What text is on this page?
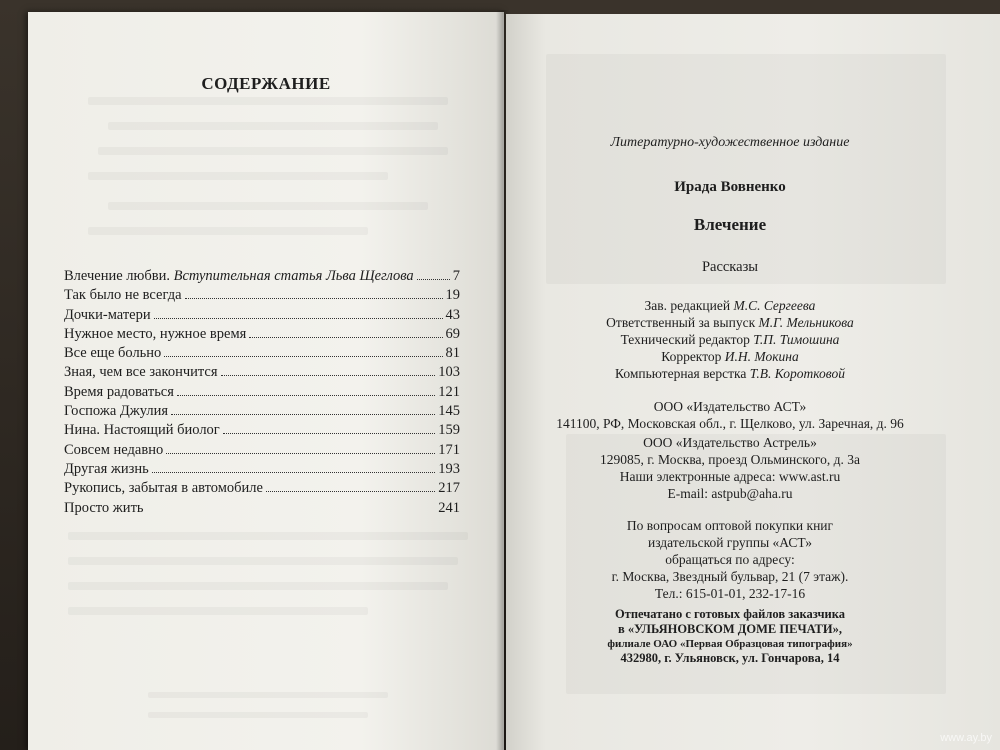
СОДЕРЖАНИЕ
Влечение любви. Вступительная статья Льва Щеглова	7
Так было не всегда	19
Дочки-матери	43
Нужное место, нужное время	69
Все еще больно	81
Зная, чем все закончится	103
Время радоваться	121
Госпожа Джулия	145
Нина. Настоящий биолог	159
Совсем недавно	171
Другая жизнь	193
Рукопись, забытая в автомобиле	217
Просто жить	241
Литературно-художественное издание
Ирада Вовненко
Влечение
Рассказы
Зав. редакцией М.С. Сергеева
Ответственный за выпуск М.Г. Мельникова
Технический редактор Т.П. Тимошина
Корректор И.Н. Мокина
Компьютерная верстка Т.В. Коротковой
ООО «Издательство АСТ»
141100, РФ, Московская обл., г. Щелково, ул. Заречная, д. 96
ООО «Издательство Астрель»
129085, г. Москва, проезд Ольминского, д. 3а
Наши электронные адреса: www.ast.ru
E-mail: astpub@aha.ru
По вопросам оптовой покупки книг
издательской группы «АСТ»
обращаться по адресу:
г. Москва, Звездный бульвар, 21 (7 этаж).
Тел.: 615-01-01, 232-17-16
Отпечатано с готовых файлов заказчика
в «УЛЬЯНОВСКОМ ДОМЕ ПЕЧАТИ»,
филиале ОАО «Первая Образцовая типография»
432980, г. Ульяновск, ул. Гончарова, 14
www.ay.by
